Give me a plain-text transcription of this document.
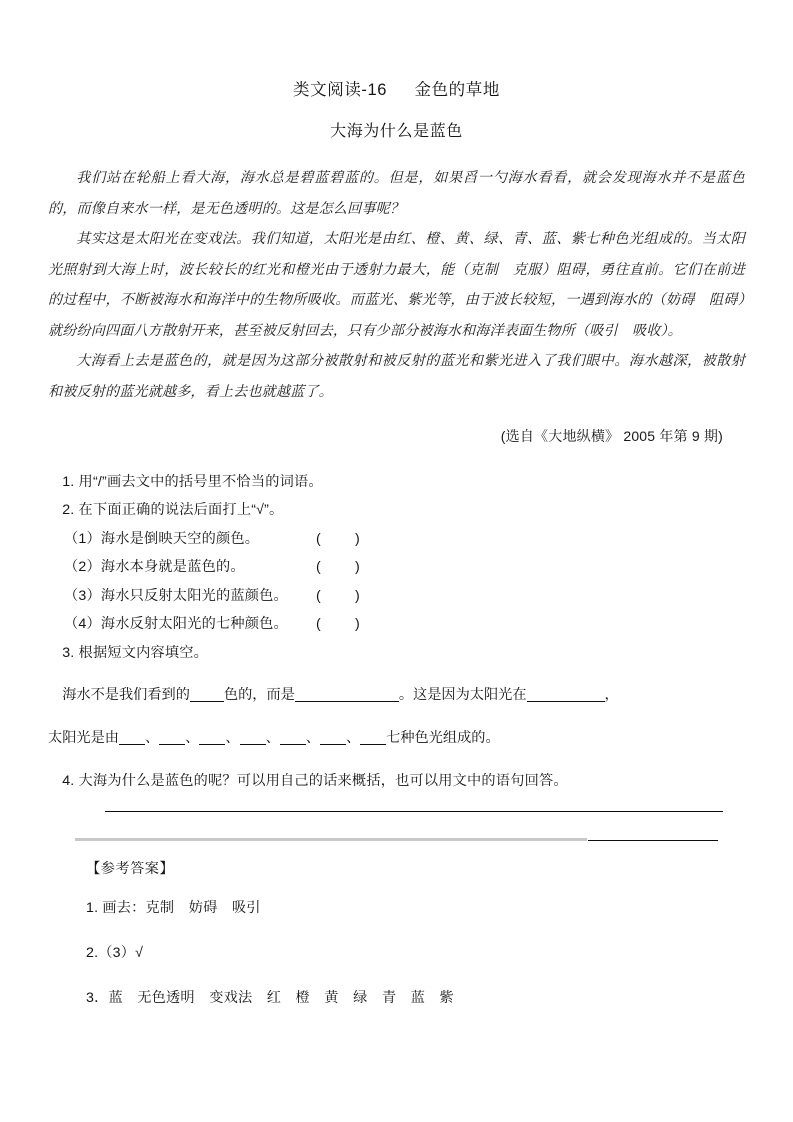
类文阅读-16 金色的草地
大海为什么是蓝色

我们站在轮船上看大海，海水总是碧蓝碧蓝的。但是，如果舀一勺海水看看，就会发现海水并不是蓝色的，而像自来水一样，是无色透明的。这是怎么回事呢？

其实这是太阳光在变戏法。我们知道，太阳光是由红、橙、黄、绿、青、蓝、紫七种色光组成的。当太阳光照射到大海上时，波长较长的红光和橙光由于透射力最大，能（克制　克服）阻碍，勇往直前。它们在前进的过程中，不断被海水和海洋中的生物所吸收。而蓝光、紫光等，由于波长较短，一遇到海水的（妨碍　阻碍）就纷纷向四面八方散射开来，甚至被反射回去，只有少部分被海水和海洋表面生物所（吸引　吸收）。

大海看上去是蓝色的，就是因为这部分被散射和被反射的蓝光和紫光进入了我们眼中。海水越深，被散射和被反射的蓝光就越多，看上去也就越蓝了。

(选自《大地纵横》 2005 年第 9 期)

1. 用“/”画去文中的括号里不恰当的词语。

2. 在下面正确的说法后面打上“√”。

（1）海水是倒映天空的颜色。	( )
（2）海水本身就是蓝色的。	( )
（3）海水只反射太阳光的蓝颜色。	( )
（4）海水反射太阳光的七种颜色。	( )

3. 根据短文内容填空。

海水不是我们看到的 色的，而是	。这是因为太阳光在	，

太阳光是由 、 、 、 、 、 、 七种色光组成的。

4. 大海为什么是蓝色的呢？可以用自己的话来概括，也可以用文中的语句回答。

【参考答案】

1. 画去：克制　妨碍　吸引

2.（3）√

3．蓝　无色透明　变戏法　红　橙　黄　绿　青　蓝　紫
